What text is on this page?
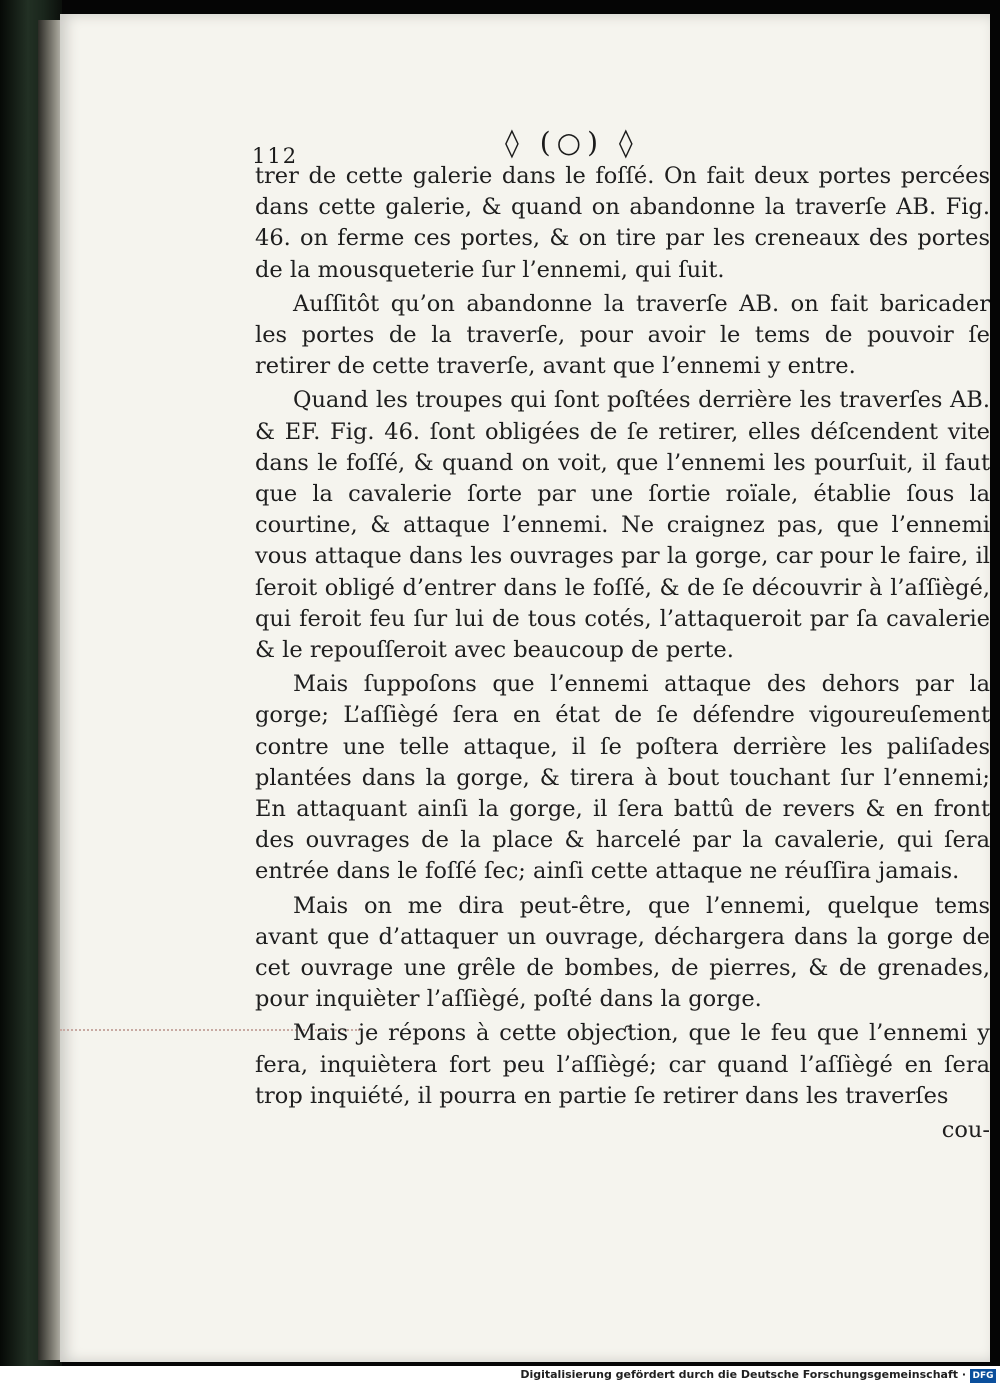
112	◊ (○) ◊

trer de cette galerie dans le foſſé. On fait deux portes percées dans cette galerie, & quand on abandonne la traverſe AB. Fig. 46. on ferme ces portes, & on tire par les creneaux des portes de la mousqueterie ſur l’ennemi, qui ſuit.

Auſſitôt qu’on abandonne la traverſe AB. on fait baricader les portes de la traverſe, pour avoir le tems de pouvoir ſe retirer de cette traverſe, avant que l’ennemi y entre.

Quand les troupes qui ſont poſtées derrière les traverſes AB. & EF. Fig. 46. ſont obligées de ſe retirer, elles déſcendent vite dans le foſſé, & quand on voit, que l’ennemi les pourſuit, il faut que la cavalerie ſorte par une ſortie roïale, établie ſous la courtine, & attaque l’ennemi. Ne craignez pas, que l’ennemi vous attaque dans les ouvrages par la gorge, car pour le faire, il ſeroit obligé d’entrer dans le foſſé, & de ſe découvrir à l’aſſiègé, qui feroit feu ſur lui de tous cotés, l’attaqueroit par ſa cavalerie & le repouſſeroit avec beaucoup de perte.

Mais ſuppoſons que l’ennemi attaque des dehors par la gorge; L’aſſiègé ſera en état de ſe défendre vigoureuſement contre une telle attaque, il ſe poſtera derrière les paliſades plantées dans la gorge, & tirera à bout touchant ſur l’ennemi; En attaquant ainſi la gorge, il ſera battû de revers & en front des ouvrages de la place & harcelé par la cavalerie, qui ſera entrée dans le foſſé ſec; ainſi cette attaque ne réuſſira jamais.

Mais on me dira peut-être, que l’ennemi, quelque tems avant que d’attaquer un ouvrage, déchargera dans la gorge de cet ouvrage une grêle de bombes, de pierres, & de grenades, pour inquièter l’aſſiègé, poſté dans la gorge.

Mais je répons à cette objeƈtion, que le feu que l’ennemi y fera, inquiètera fort peu l’aſſiègé; car quand l’aſſiègé en ſera trop inquiété, il pourra en partie ſe retirer dans les traverſes

cou-

Digitalisierung gefördert durch die Deutsche Forschungsgemeinschaft · DFG
